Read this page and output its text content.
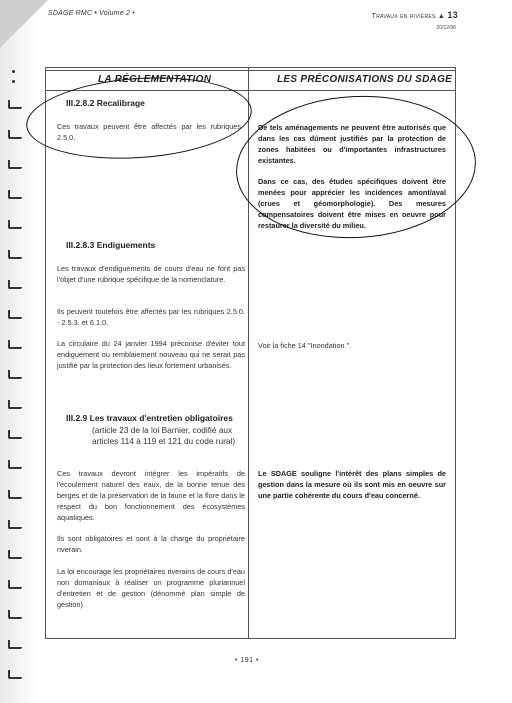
SDAGE RMC • Volume 2 •	Travaux en rivières ▲ 13
20/12/96
LA RÉGLEMENTATION	LES PRÉCONISATIONS DU SDAGE
III.2.8.2 Recalibrage
Ces travaux peuvent être affectés par les rubriques 2.5.0.
De tels aménagements ne peuvent être autorisés que dans les cas dûment justifiés par la protection de zones habitées ou d'importantes infrastructures existantes.
Dans ce cas, des études spécifiques doivent être menées pour apprécier les incidences amont/aval (crues et géomorphologie). Des mesures compensatoires doivent être mises en oeuvre pour restaurer la diversité du milieu.
III.2.8.3 Endiguements
Les travaux d'endiguements de cours d'eau ne font pas l'objet d'une rubrique spécifique de la nomenclature.
Ils peuvent toutefois être affectés par les rubriques 2.5.0. - 2.5.3. et 6.1.0.
La circulaire du 24 janvier 1994 préconise d'éviter tout endiguement ou remblaiement nouveau qui ne serait pas justifié par la protection des lieux fortement urbanisés.
Voir la fiche 14 "Inondation ".
III.2.9 Les travaux d'entretien obligatoires
(article 23 de la loi Barnier, codifié aux articles 114 à 119 et 121 du code rural)
Ces travaux devront intégrer les impératifs de l'écoulement naturel des eaux, de la bonne tenue des berges et de la préservation de la faune et la flore dans le respect du bon fonctionnement des écosystèmes aquatiques.
Ils sont obligatoires et sont à la charge du propriétaire riverain.
La loi encourage les propriétaires riverains de cours d'eau non domaniaux à réaliser un programme pluriannuel d'entretien et de gestion (dénommé plan simple de gestion).
Le SDAGE souligne l'intérêt des plans simples de gestion dans la mesure où ils sont mis en oeuvre sur une partie cohérente du cours d'eau concerné.
• 191 •
